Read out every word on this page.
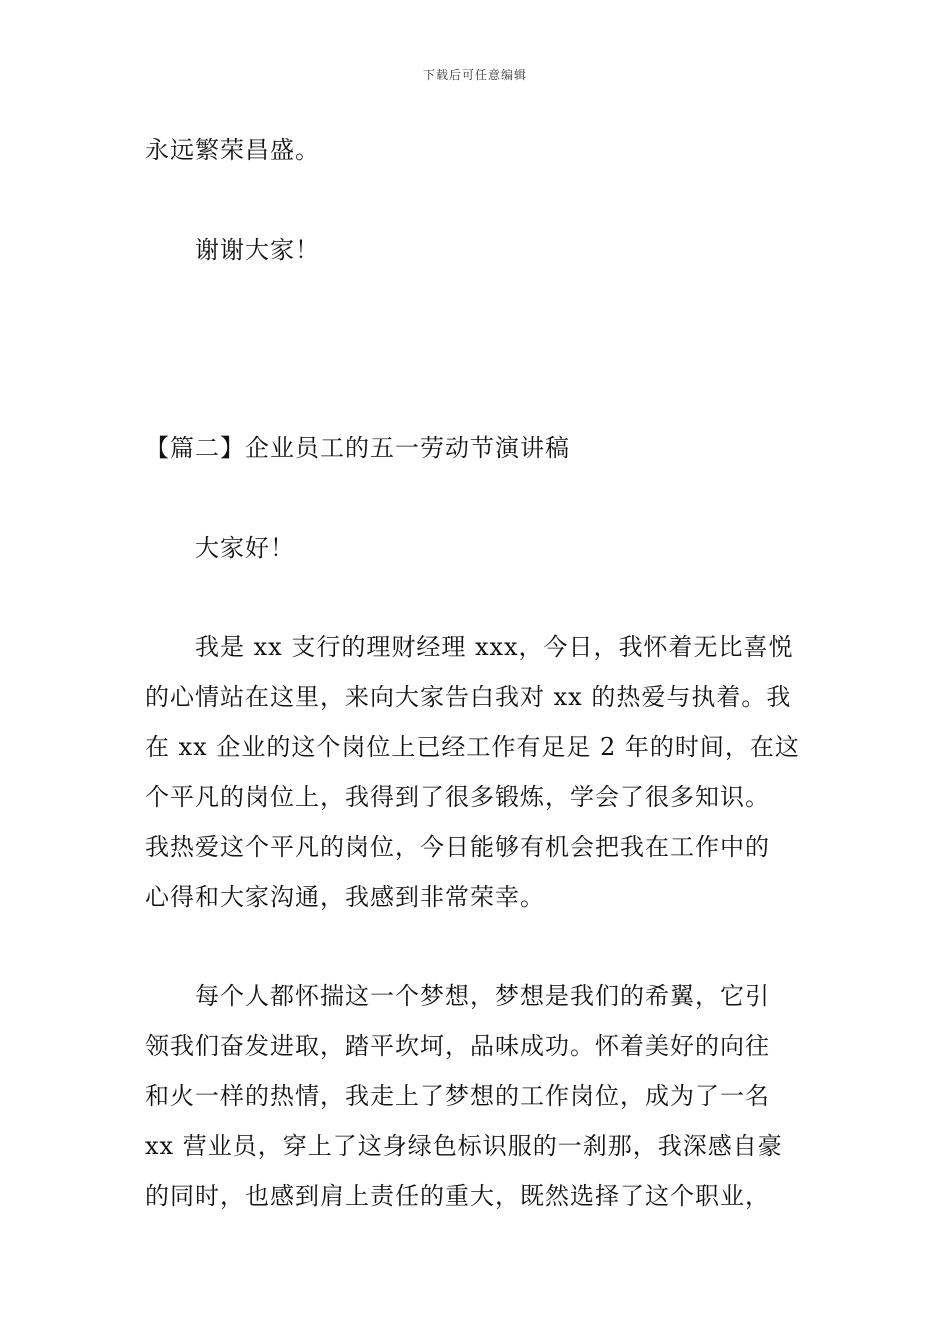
下载后可任意编辑
永远繁荣昌盛。
谢谢大家！
【篇二】企业员工的五一劳动节演讲稿
大家好！
我是 xx 支行的理财经理 xxx，今日，我怀着无比喜悦
的心情站在这里，来向大家告白我对 xx 的热爱与执着。我
在 xx 企业的这个岗位上已经工作有足足 2 年的时间，在这
个平凡的岗位上，我得到了很多锻炼，学会了很多知识。
我热爱这个平凡的岗位，今日能够有机会把我在工作中的
心得和大家沟通，我感到非常荣幸。
每个人都怀揣这一个梦想，梦想是我们的希翼，它引
领我们奋发进取，踏平坎坷，品味成功。怀着美好的向往
和火一样的热情，我走上了梦想的工作岗位，成为了一名
xx 营业员，穿上了这身绿色标识服的一刹那，我深感自豪
的同时，也感到肩上责任的重大，既然选择了这个职业，
